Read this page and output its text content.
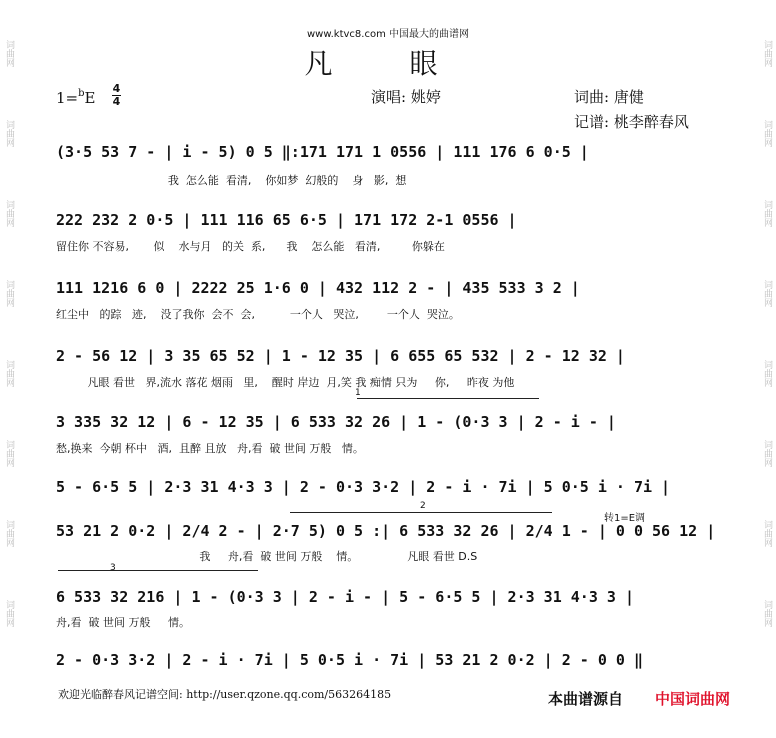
词曲网
词曲网
词曲网
词曲网
词曲网
词曲网
词曲网
词曲网
词曲网
词曲网
词曲网
词曲网
词曲网
词曲网
词曲网
词曲网
www.ktvc8.com 中国最大的曲谱网
凡 眼
1=$^b$E
4
4	演唱: 姚婷	词曲: 唐健
记谱: 桃李醉春风
(3·5 53 7 - | i - 5) 0 5 ‖:171 171 1 0556 | 111 176 6 0·5 |
我  怎么能  看清,    你如梦  幻般的    身   影,  想
222 232 2 0·5 | 111 116 65 6·5 | 171 172 2-1 0556 |
留住你 不容易,       似    水与月   的关  系,      我    怎么能   看清,         你躲在
111 1216 6 0 | 2222 25 1·6 0 | 432 112 2 - | 435 533 3 2 |
红尘中   的踪   迹,    没了我你  会不  会,          一个人   哭泣,        一个人  哭泣。
2 - 56 12 | 3 35 65 52 | 1 - 12 35 | 6 655 65 532 | 2 - 12 32 |
凡眼 看世   界,流水 落花 烟雨   里,    醒时 岸边  月,笑 我 痴情 只为     你,     昨夜 为他
3 335 32 12 | 6 - 12 35 | 6 533 32 26 | 1 - (0·3 3 | 2 - i - |
愁,换来  今朝 杯中   酒,  且醉 且放   舟,看  破 世间 万般   情。
5 - 6·5 5 | 2·3 31 4·3 3 | 2 - 0·3 3·2 | 2 - i · 7i | 5 0·5 i · 7i |
53 21 2 0·2 | 2/4 2 - | 2·7 5) 0 5 :| 6 533 32 26 | 2/4 1 - | 0 0 56 12 |
我     舟,看  破 世间 万般    情。              凡眼 看世 D.S
6 533 32 216 | 1 - (0·3 3 | 2 - i - | 5 - 6·5 5 | 2·3 31 4·3 3 |
舟,看  破 世间 万般     情。
2 - 0·3 3·2 | 2 - i · 7i | 5 0·5 i · 7i | 53 21 2 0·2 | 2 - 0 0 ‖
1
2
3
转1=E调
欢迎光临醉春风记谱空间: http://user.qzone.qq.com/563264185	本曲谱源自 中国词曲网
